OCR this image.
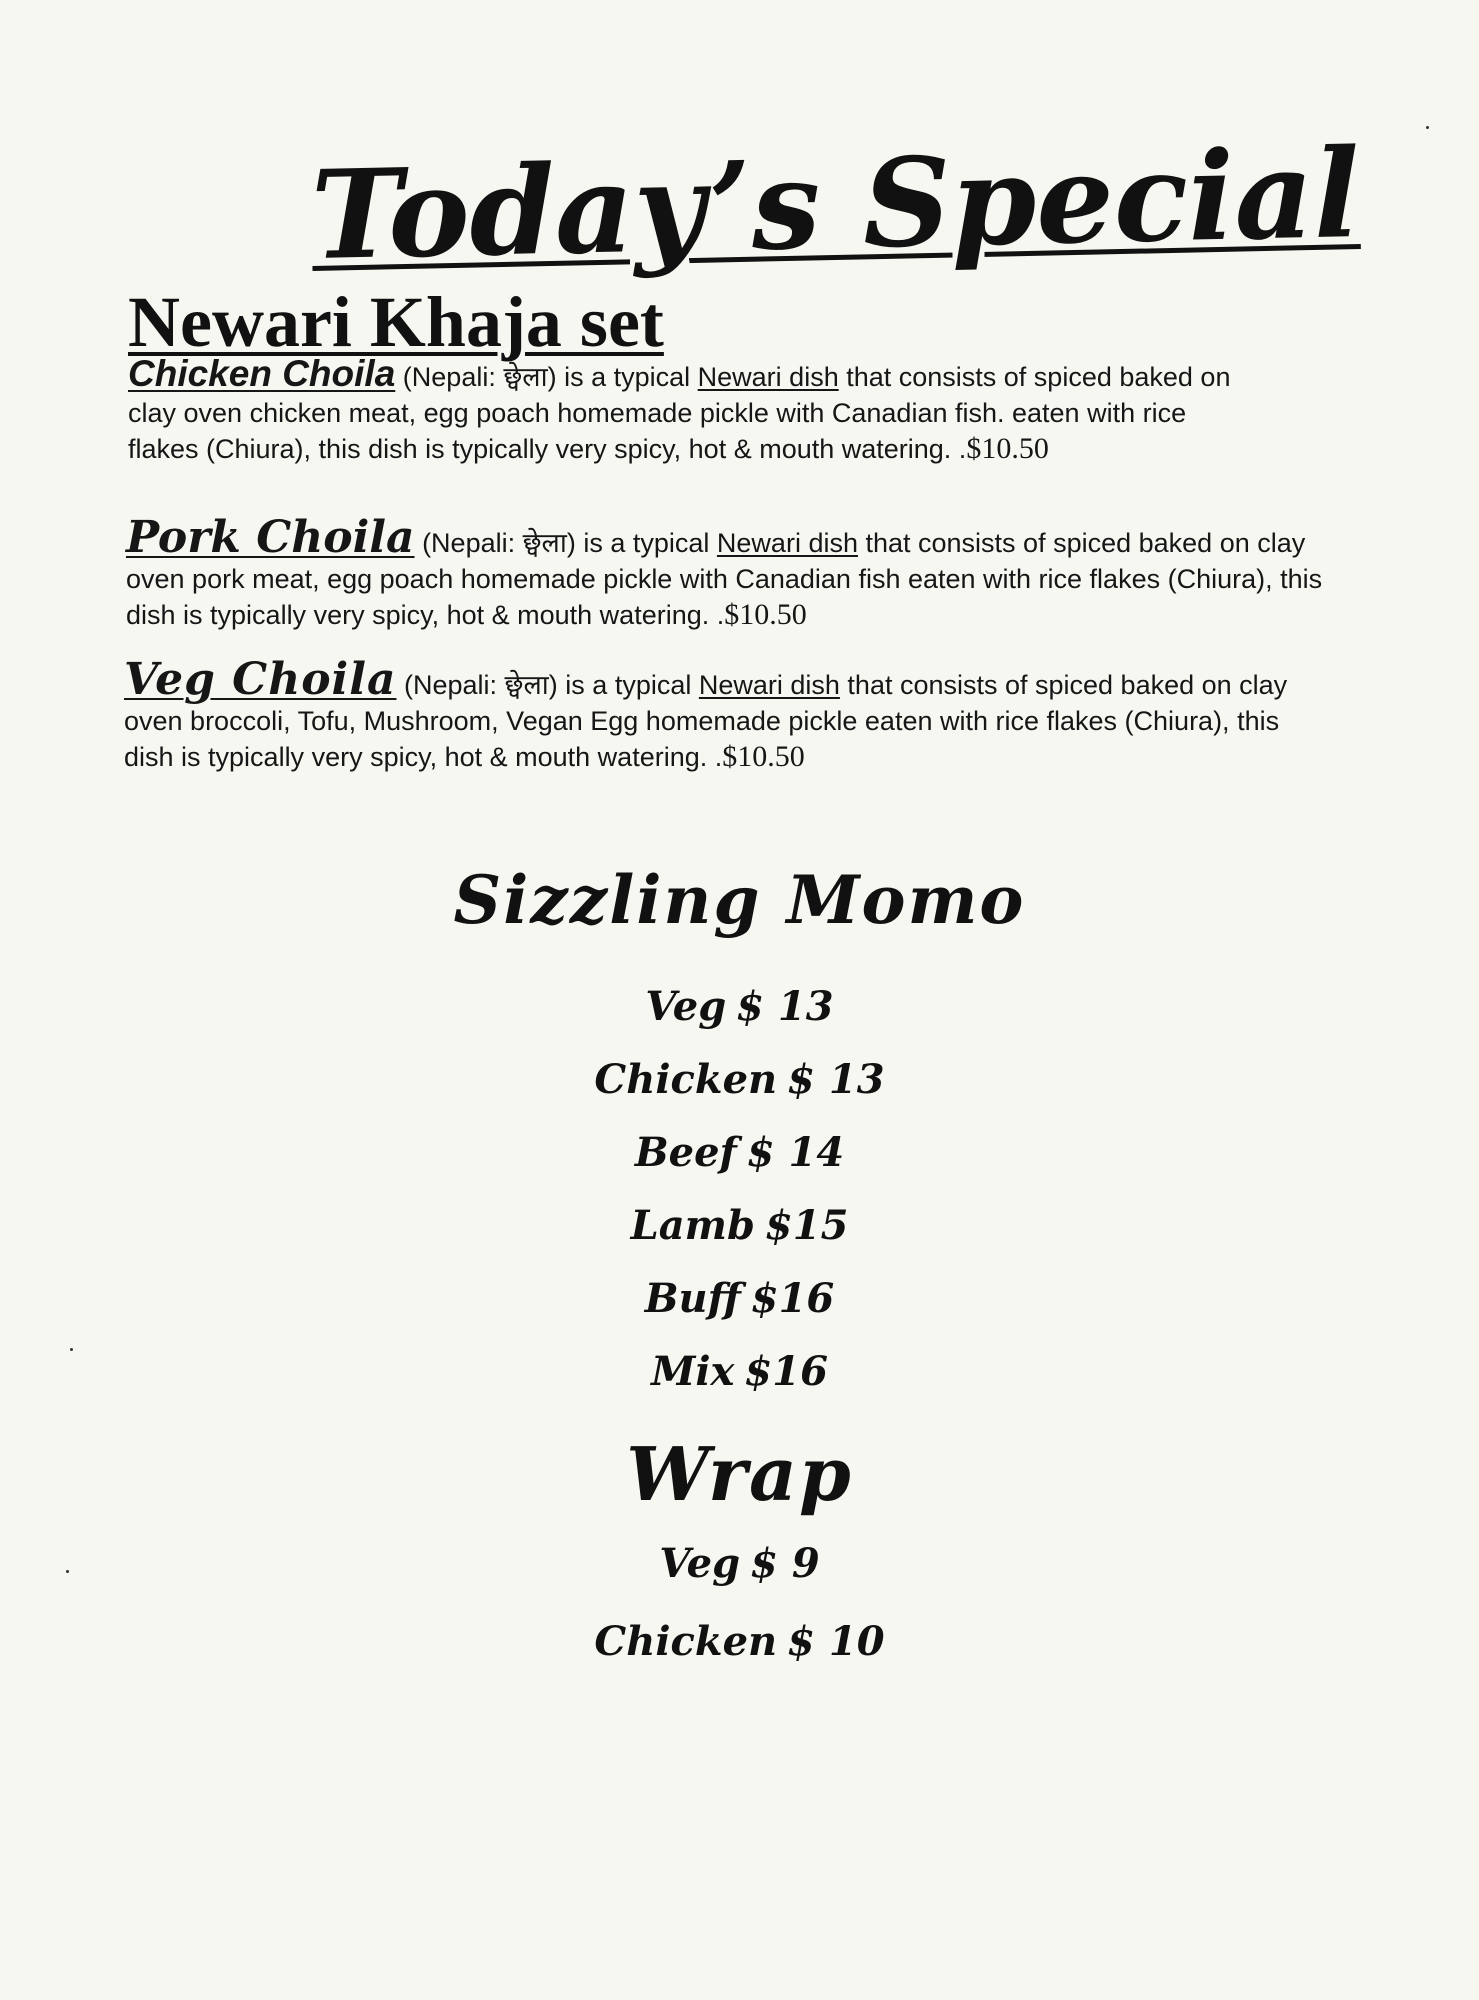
Today’s Special
Newari Khaja set

Chicken Choila (Nepali: छ्वेला) is a typical Newari dish that consists of spiced baked on clay oven chicken meat, egg poach homemade pickle with Canadian fish. eaten with rice flakes (Chiura), this dish is typically very spicy, hot & mouth watering. .$10.50

Pork Choila (Nepali: छ्वेला) is a typical Newari dish that consists of spiced baked on clay oven pork meat, egg poach homemade pickle with Canadian fish eaten with rice flakes (Chiura), this dish is typically very spicy, hot & mouth watering. .$10.50

Veg Choila (Nepali: छ्वेला) is a typical Newari dish that consists of spiced baked on clay oven broccoli, Tofu, Mushroom, Vegan Egg homemade pickle eaten with rice flakes (Chiura), this dish is typically very spicy, hot & mouth watering. .$10.50

Sizzling Momo
Veg $ 13
Chicken $ 13
Beef $ 14
Lamb $15
Buff $16
Mix $16
Wrap
Veg $ 9
Chicken $ 10
